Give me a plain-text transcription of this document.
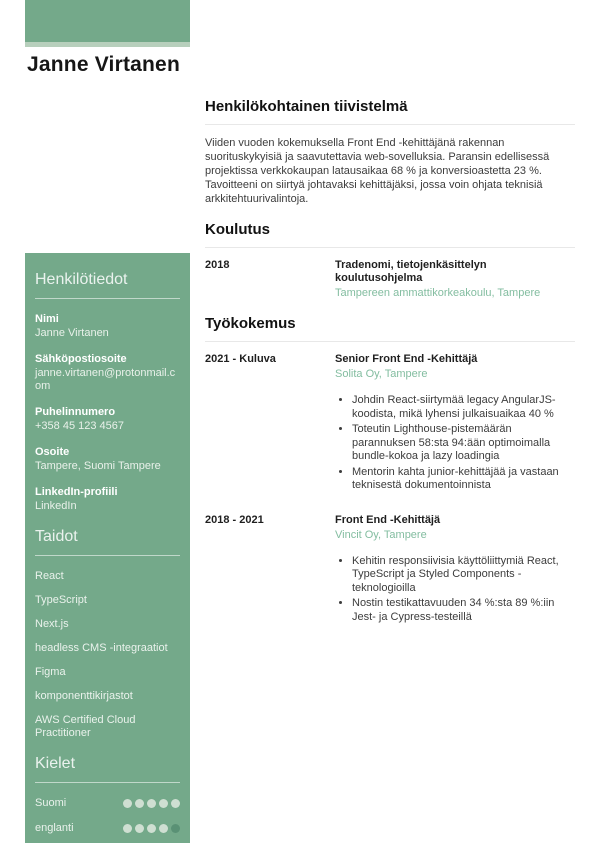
Janne Virtanen
Henkilötiedot
Nimi
Janne Virtanen
Sähköpostiosoite
janne.virtanen@protonmail.com
Puhelinnumero
+358 45 123 4567
Osoite
Tampere, Suomi Tampere
LinkedIn-profiili
LinkedIn
Taidot
React
TypeScript
Next.js
headless CMS -integraatiot
Figma
komponenttikirjastot
AWS Certified Cloud Practitioner
Kielet
Suomi
englanti
Henkilökohtainen tiivistelmä

Viiden vuoden kokemuksella Front End -kehittäjänä rakennan suorituskykyisiä ja saavutettavia web-sovelluksia. Paransin edellisessä projektissa verkkokaupan latausaikaa 68 % ja konversioastetta 23 %. Tavoitteeni on siirtyä johtavaksi kehittäjäksi, jossa voin ohjata teknisiä arkkitehtuurivalintoja.

Koulutus
2018	Tradenomi, tietojenkäsittelyn koulutusohjelma
Tampereen ammattikorkeakoulu, Tampere
Työkokemus
2021 - Kuluva	Senior Front End -Kehittäjä
Solita Oy, Tampere
• Johdin React-siirtymää legacy AngularJS-koodista, mikä lyhensi julkaisuaikaa 40 %
• Toteutin Lighthouse-pistemäärän parannuksen 58:sta 94:ään optimoimalla bundle-kokoa ja lazy loadingia
• Mentorin kahta junior-kehittäjää ja vastaan teknisestä dokumentoinnista
2018 - 2021	Front End -Kehittäjä
Vincit Oy, Tampere
• Kehitin responsiivisia käyttöliittymiä React, TypeScript ja Styled Components -teknologioilla
• Nostin testikattavuuden 34 %:sta 89 %:iin Jest- ja Cypress-testeillä
